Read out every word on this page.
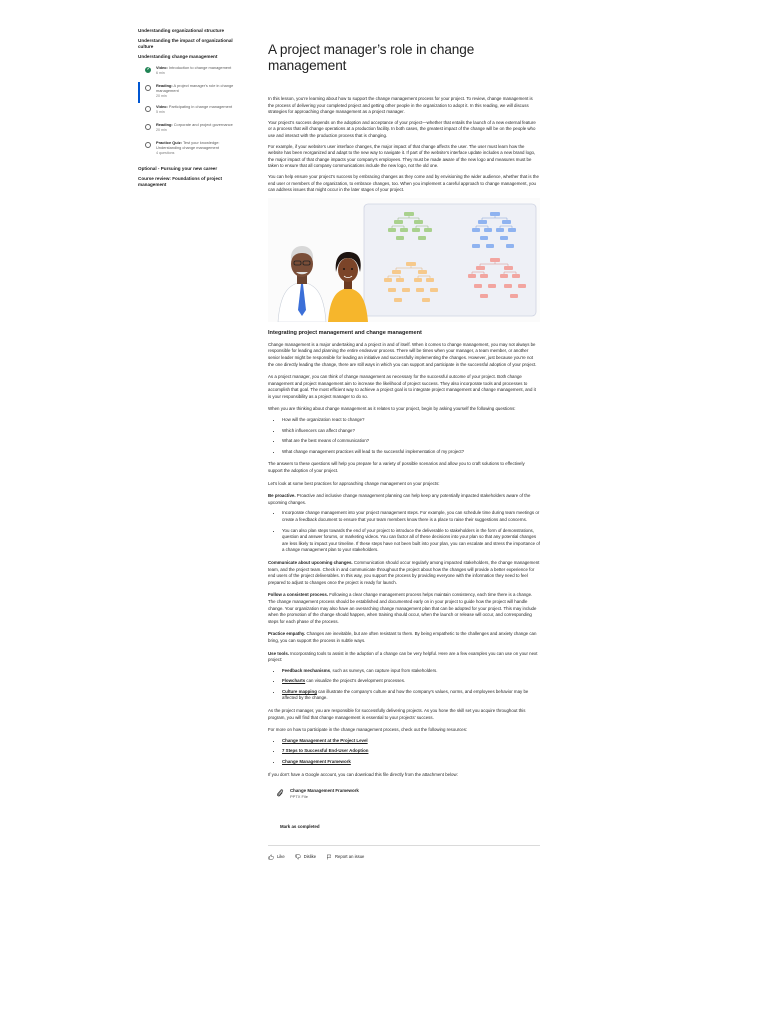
Understanding organizational structure
Understanding the impact of organizational culture
Understanding change management
✓
Video: Introduction to change management
6 min
Reading: A project manager's role in change management
20 min
Video: Participating in change management
5 min
Reading: Corporate and project governance
20 min
Practice Quiz: Test your knowledge: Understanding change management
4 questions
Optional - Pursuing your new career
Course review: Foundations of project management
A project manager’s role in change management

In this lesson, you’re learning about how to support the change management process for your project. To review, change management is the process of delivering your completed project and getting other people in the organization to adopt it. In this reading, we will discuss strategies for approaching change management as a project manager.

Your project’s success depends on the adoption and acceptance of your project—whether that entails the launch of a new external feature or a process that will change operations at a production facility. In both cases, the greatest impact of the change will be on the people who use and interact with the production process that is changing.

For example, if your website’s user interface changes, the major impact of that change affects the user. The user must learn how the website has been reorganized and adapt to the new way to navigate it. If part of the website’s interface update includes a new brand logo, the major impact of that change impacts your company’s employees. They must be made aware of the new logo and measures must be taken to ensure that all company communications include the new logo, not the old one.

You can help ensure your project’s success by embracing changes as they come and by envisioning the wider audience, whether that is the end user or members of the organization, to embrace changes, too. When you implement a careful approach to change management, you can address issues that might occur in the later stages of your project.

Integrating project management and change management

Change management is a major undertaking and a project in and of itself. When it comes to change management, you may not always be responsible for leading and planning the entire endeavor process. There will be times when your manager, a team member, or another senior leader might be responsible for leading an initiative and successfully implementing the changes. However, just because you’re not the one directly leading the change, there are still ways in which you can support and participate in the successful adoption of your project.

As a project manager, you can think of change management as necessary for the successful outcome of your project. Both change management and project management aim to increase the likelihood of project success. They also incorporate tools and processes to accomplish that goal. The most efficient way to achieve a project goal is to integrate project management and change management, and it is your responsibility as a project manager to do so.

When you are thinking about change management as it relates to your project, begin by asking yourself the following questions:

• How will the organization react to change?
• Which influencers can affect change?
• What are the best means of communication?
• What change management practices will lead to the successful implementation of my project?

The answers to these questions will help you prepare for a variety of possible scenarios and allow you to craft solutions to effectively support the adoption of your project.

Let’s look at some best practices for approaching change management on your projects:

Be proactive. Proactive and inclusive change management planning can help keep any potentially impacted stakeholders aware of the upcoming changes.

• Incorporate change management into your project management steps. For example, you can schedule time during team meetings or create a feedback document to ensure that your team members know there is a place to raise their suggestions and concerns.
• You can also plan steps towards the end of your project to introduce the deliverable to stakeholders in the form of demonstrations, question and answer forums, or marketing videos. You can factor all of these decisions into your plan so that any potential changes are less likely to impact your timeline. If these steps have not been built into your plan, you can escalate and stress the importance of a change management plan to your stakeholders.

Communicate about upcoming changes. Communication should occur regularly among impacted stakeholders, the change management team, and the project team. Check in and communicate throughout the project about how the changes will provide a better experience for end users of the project deliverables. In this way, you support the process by providing everyone with the information they need to feel prepared to adjust to changes once the project is ready for launch.

Follow a consistent process. Following a clear change management process helps maintain consistency, each time there is a change. The change management process should be established and documented early on in your project to guide how the project will handle change. Your organization may also have an overarching change management plan that can be adopted for your project. This may include when the promotion of the change should happen, when training should occur, when the launch or release will occur, and corresponding steps for each phase of the process.

Practice empathy. Changes are inevitable, but are often resistant to them. By being empathetic to the challenges and anxiety change can bring, you can support the process in subtle ways.

Use tools. Incorporating tools to assist in the adoption of a change can be very helpful. Here are a few examples you can use on your next project:

• Feedback mechanisms, such as surveys, can capture input from stakeholders.
• Flowcharts can visualize the project’s development processes.
• Culture mapping can illustrate the company’s culture and how the company’s values, norms, and employees behavior may be affected by the change.

As the project manager, you are responsible for successfully delivering projects. As you hone the skill set you acquire throughout this program, you will find that change management is essential to your projects’ success.

For more on how to participate in the change management process, check out the following resources:

• Change Management at the Project Level
• 7 Steps to Successful End-User Adoption
• Change Management Framework

If you don’t have a Google account, you can download this file directly from the attachment below:

Change Management Framework
PPTX File
Mark as completed
Like	Dislike	Report an issue
